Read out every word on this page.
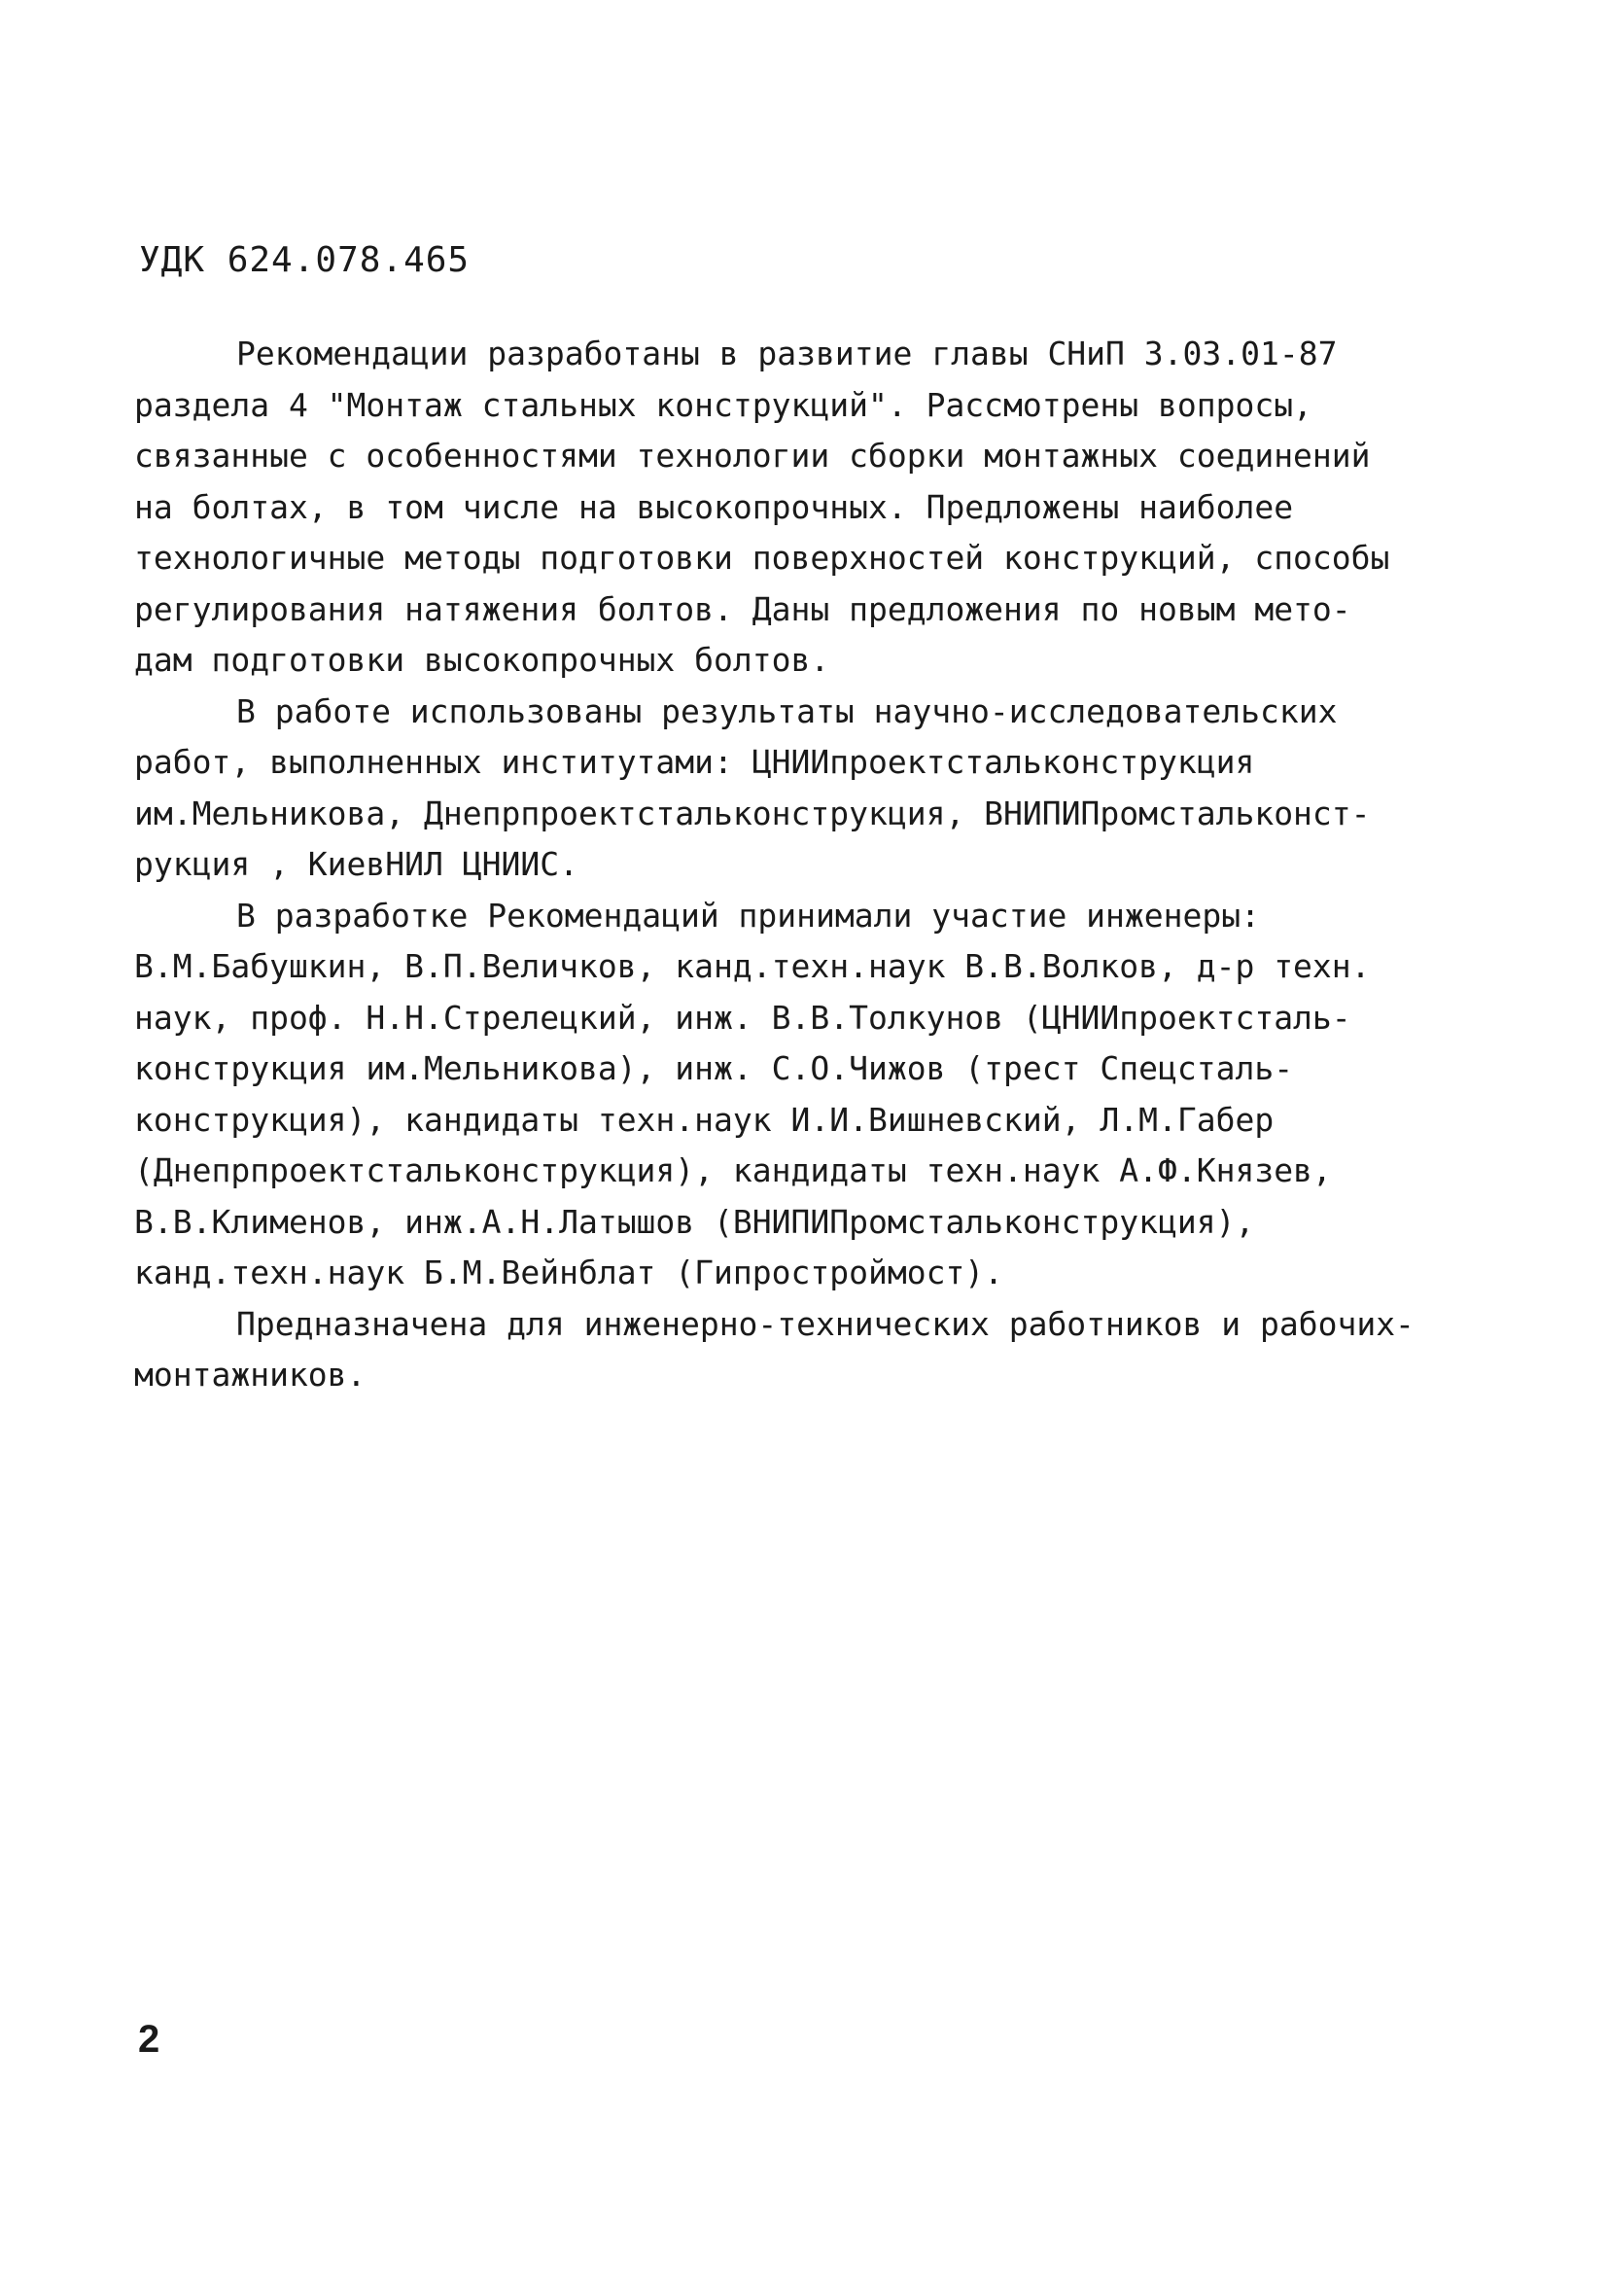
УДК 624.078.465
Рекомендации разработаны в развитие главы СНиП 3.03.01-87
раздела 4 "Монтаж стальных конструкций". Рассмотрены вопросы,
связанные с особенностями технологии сборки монтажных соединений
на болтах, в том числе на высокопрочных. Предложены наиболее
технологичные методы подготовки поверхностей конструкций, способы
регулирования натяжения болтов. Даны предложения по новым мето-
дам подготовки высокопрочных болтов.
В работе использованы результаты научно-исследовательских
работ, выполненных институтами: ЦНИИпроектстальконструкция
им.Мельникова, Днепрпроектстальконструкция, ВНИПИПромстальконст-
рукция , КиевНИЛ ЦНИИС.
В разработке Рекомендаций принимали участие инженеры:
В.М.Бабушкин, В.П.Величков, канд.техн.наук В.В.Волков, д-р техн.
наук, проф. Н.Н.Стрелецкий, инж. В.В.Толкунов (ЦНИИпроектсталь-
конструкция им.Мельникова), инж. С.О.Чижов (трест Спецсталь-
конструкция), кандидаты техн.наук И.И.Вишневский, Л.М.Габер
(Днепрпроектстальконструкция), кандидаты техн.наук А.Ф.Князев,
В.В.Клименов, инж.А.Н.Латышов (ВНИПИПромстальконструкция),
канд.техн.наук Б.М.Вейнблат (Гипростроймост).
Предназначена для инженерно-технических работников и рабочих-
монтажников.
2
